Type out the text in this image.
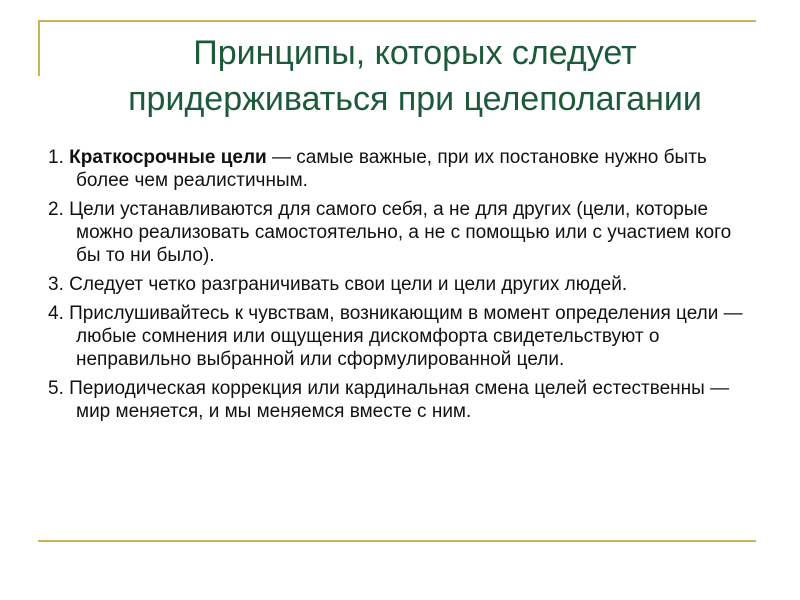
Принципы, которых следует придерживаться при целеполагании

1. Краткосрочные цели — самые важные, при их постановке нужно быть более чем реалистичным.

2. Цели устанавливаются для самого себя, а не для других (цели, которые можно реализовать самостоятельно, а не с помощью или с участием кого бы то ни было).

3. Следует четко разграничивать свои цели и цели других людей.

4. Прислушивайтесь к чувствам, возникающим в момент определения цели — любые сомнения или ощущения дискомфорта свидетельствуют о неправильно выбранной или сформулированной цели.

5. Периодическая коррекция или кардинальная смена целей естественны — мир меняется, и мы меняемся вместе с ним.
